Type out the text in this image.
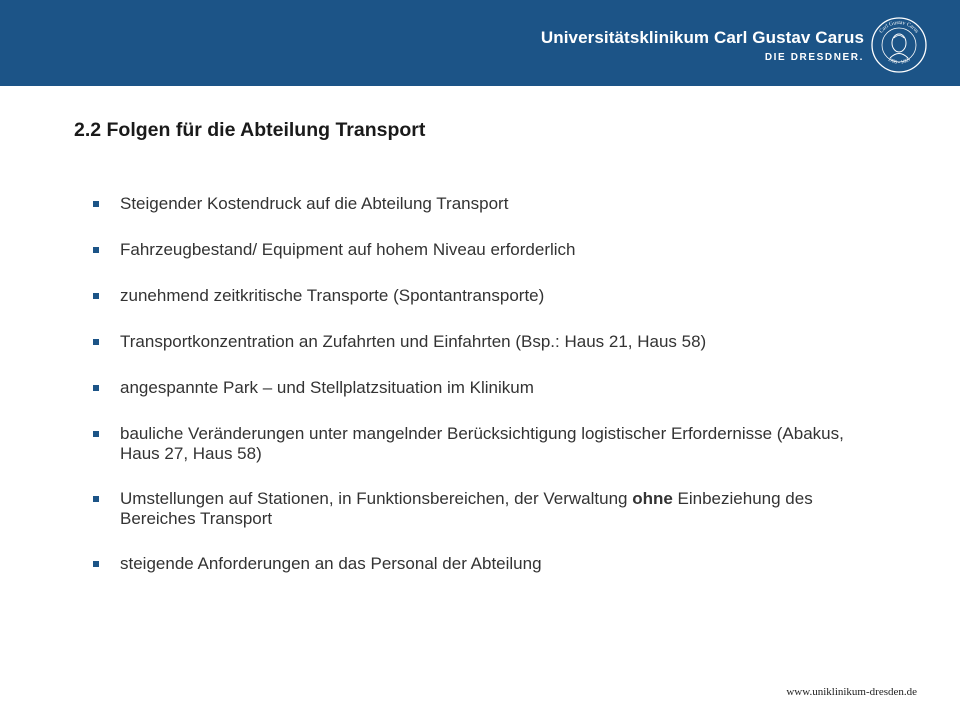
Universitätsklinikum Carl Gustav Carus
DIE DRESDNER.
Carl Gustav Carus
1789 - 1869
2.2 Folgen für die Abteilung Transport
Steigender Kostendruck auf die Abteilung Transport
Fahrzeugbestand/ Equipment auf hohem Niveau erforderlich
zunehmend zeitkritische Transporte (Spontantransporte)
Transportkonzentration an Zufahrten und Einfahrten (Bsp.: Haus 21, Haus 58)
angespannte Park – und Stellplatzsituation im Klinikum
bauliche Veränderungen unter mangelnder Berücksichtigung logistischer Erfordernisse (Abakus, Haus 27, Haus 58)
Umstellungen auf Stationen, in Funktionsbereichen, der Verwaltung ohne Einbeziehung des Bereiches Transport
steigende Anforderungen an das Personal der Abteilung
www.uniklinikum-dresden.de
